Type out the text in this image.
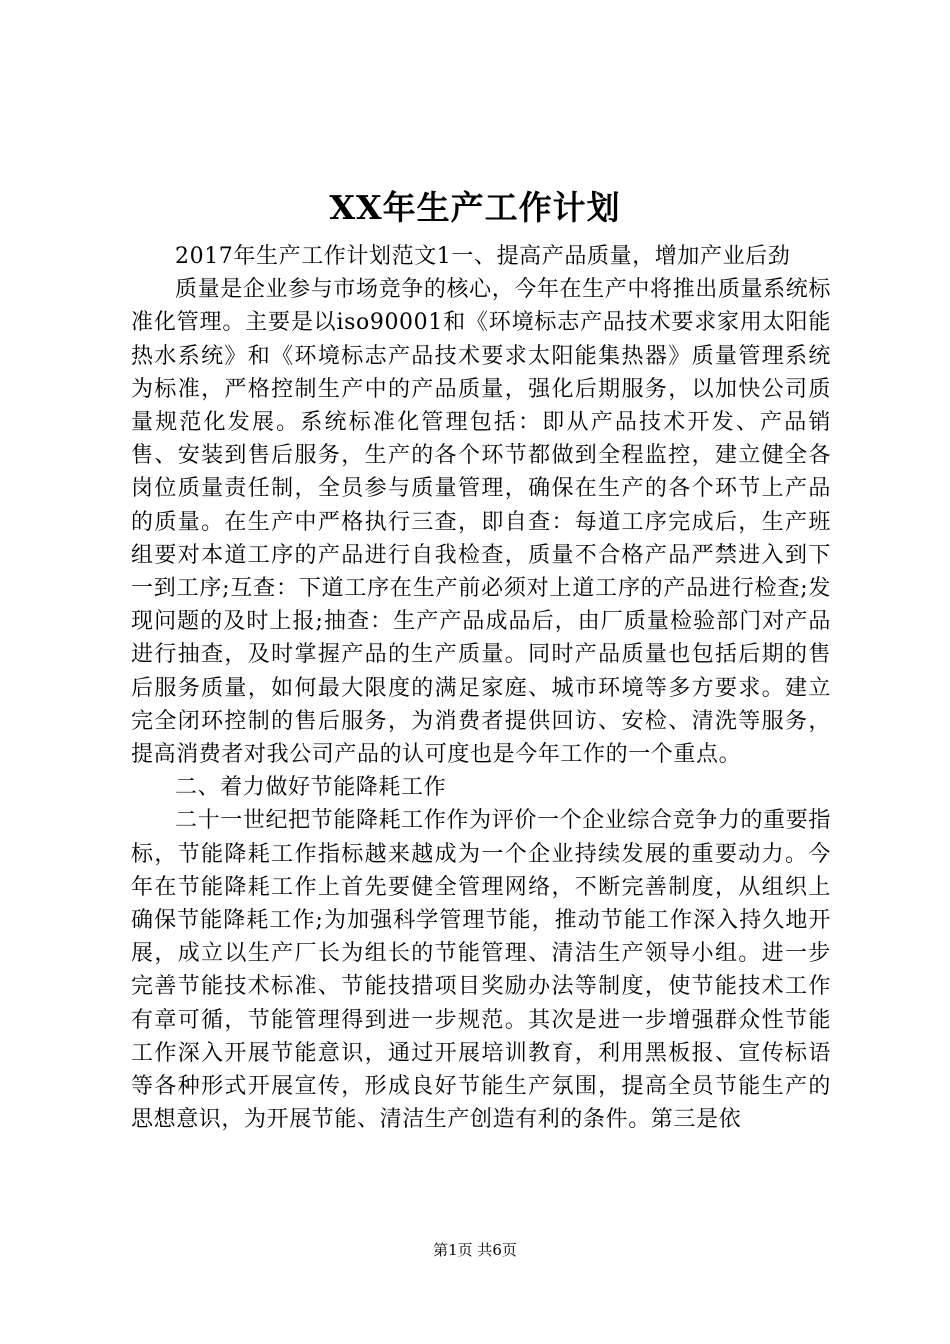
XX年生产工作计划

2017年生产工作计划范文1一、提高产品质量，增加产业后劲

质量是企业参与市场竞争的核心，今年在生产中将推出质量系统标准化管理。主要是以iso90001和《环境标志产品技术要求家用太阳能热水系统》和《环境标志产品技术要求太阳能集热器》质量管理系统为标准，严格控制生产中的产品质量，强化后期服务，以加快公司质量规范化发展。系统标准化管理包括：即从产品技术开发、产品销售、安装到售后服务，生产的各个环节都做到全程监控，建立健全各岗位质量责任制，全员参与质量管理，确保在生产的各个环节上产品的质量。在生产中严格执行三查，即自查：每道工序完成后，生产班组要对本道工序的产品进行自我检查，质量不合格产品严禁进入到下一到工序;互查：下道工序在生产前必须对上道工序的产品进行检查;发现问题的及时上报;抽查：生产产品成品后，由厂质量检验部门对产品进行抽查，及时掌握产品的生产质量。同时产品质量也包括后期的售后服务质量，如何最大限度的满足家庭、城市环境等多方要求。建立完全闭环控制的售后服务，为消费者提供回访、安检、清洗等服务，提高消费者对我公司产品的认可度也是今年工作的一个重点。

二、着力做好节能降耗工作

二十一世纪把节能降耗工作作为评价一个企业综合竞争力的重要指标，节能降耗工作指标越来越成为一个企业持续发展的重要动力。今年在节能降耗工作上首先要健全管理网络，不断完善制度，从组织上确保节能降耗工作;为加强科学管理节能，推动节能工作深入持久地开展，成立以生产厂长为组长的节能管理、清洁生产领导小组。进一步完善节能技术标准、节能技措项目奖励办法等制度，使节能技术工作有章可循，节能管理得到进一步规范。其次是进一步增强群众性节能工作深入开展节能意识，通过开展培训教育，利用黑板报、宣传标语等各种形式开展宣传，形成良好节能生产氛围，提高全员节能生产的思想意识，为开展节能、清洁生产创造有利的条件。第三是依

第1页 共6页
